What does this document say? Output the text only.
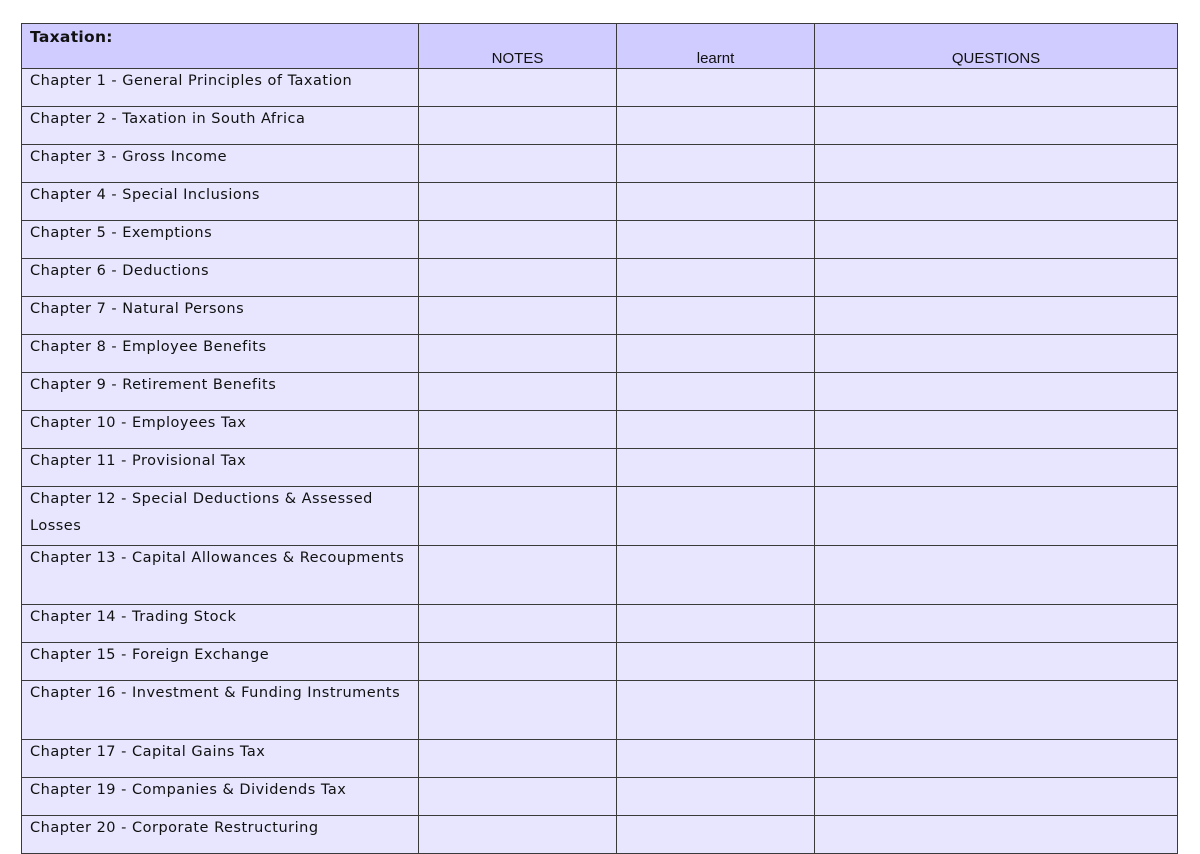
Taxation:	NOTES	learnt	QUESTIONS

Chapter 1 - General Principles of Taxation			

Chapter 2 - Taxation in South Africa			

Chapter 3 - Gross Income			

Chapter 4 - Special Inclusions			

Chapter 5 - Exemptions			

Chapter 6 - Deductions			

Chapter 7 - Natural Persons			

Chapter 8 - Employee Benefits			

Chapter 9 - Retirement Benefits			

Chapter 10 - Employees Tax			

Chapter 11 - Provisional Tax			

Chapter 12 - Special Deductions & Assessed Losses			

Chapter 13 - Capital Allowances & Recoupments			

Chapter 14 - Trading Stock			

Chapter 15 - Foreign Exchange			

Chapter 16 - Investment & Funding Instruments			

Chapter 17 - Capital Gains Tax			

Chapter 19 - Companies & Dividends Tax			

Chapter 20 - Corporate Restructuring			
